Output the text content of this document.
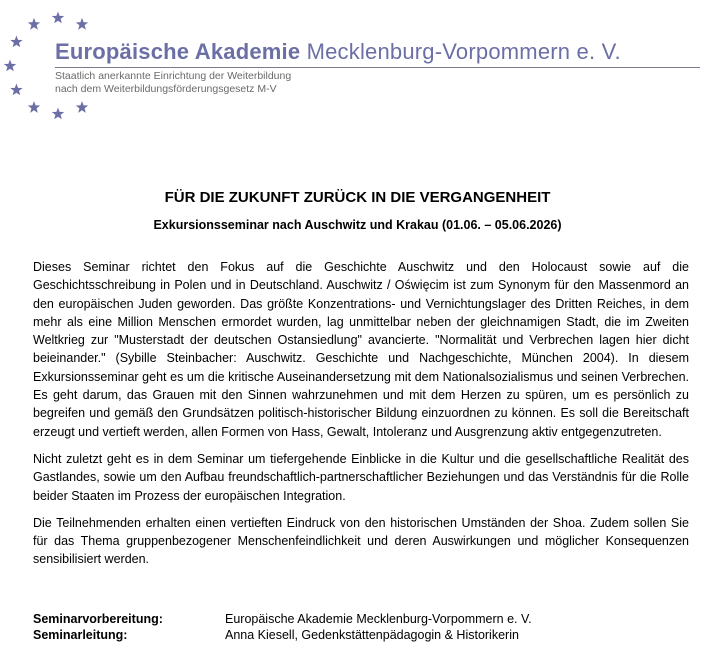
Europäische Akademie Mecklenburg-Vorpommern e. V.
Staatlich anerkannte Einrichtung der Weiterbildung
nach dem Weiterbildungsförderungsgesetz M-V
FÜR DIE ZUKUNFT ZURÜCK IN DIE VERGANGENHEIT
Exkursionsseminar nach Auschwitz und Krakau (01.06. – 05.06.2026)

Dieses Seminar richtet den Fokus auf die Geschichte Auschwitz und den Holocaust sowie auf die Geschichtsschreibung in Polen und in Deutschland. Auschwitz / Oświęcim ist zum Synonym für den Massenmord an den europäischen Juden geworden. Das größte Konzentrations- und Vernichtungslager des Dritten Reiches, in dem mehr als eine Million Menschen ermordet wurden, lag unmittelbar neben der gleichnamigen Stadt, die im Zweiten Weltkrieg zur "Musterstadt der deutschen Ostansiedlung" avancierte. "Normalität und Verbrechen lagen hier dicht beieinander." (Sybille Steinbacher: Auschwitz. Geschichte und Nachgeschichte, München 2004). In diesem Exkursionsseminar geht es um die kritische Auseinandersetzung mit dem Nationalsozialismus und seinen Verbrechen. Es geht darum, das Grauen mit den Sinnen wahrzunehmen und mit dem Herzen zu spüren, um es persönlich zu begreifen und gemäß den Grundsätzen politisch-historischer Bildung einzuordnen zu können. Es soll die Bereitschaft erzeugt und vertieft werden, allen Formen von Hass, Gewalt, Intoleranz und Ausgrenzung aktiv entgegenzutreten.

Nicht zuletzt geht es in dem Seminar um tiefergehende Einblicke in die Kultur und die gesellschaftliche Realität des Gastlandes, sowie um den Aufbau freundschaftlich-partnerschaftlicher Beziehungen und das Verständnis für die Rolle beider Staaten im Prozess der europäischen Integration.

Die Teilnehmenden erhalten einen vertieften Eindruck von den historischen Umständen der Shoa. Zudem sollen Sie für das Thema gruppenbezogener Menschenfeindlichkeit und deren Auswirkungen und möglicher Konsequenzen sensibilisiert werden.

Seminarvorbereitung:	Europäische Akademie Mecklenburg-Vorpommern e. V.
Seminarleitung:	Anna Kiesell, Gedenkstättenpädagogin & Historikerin
